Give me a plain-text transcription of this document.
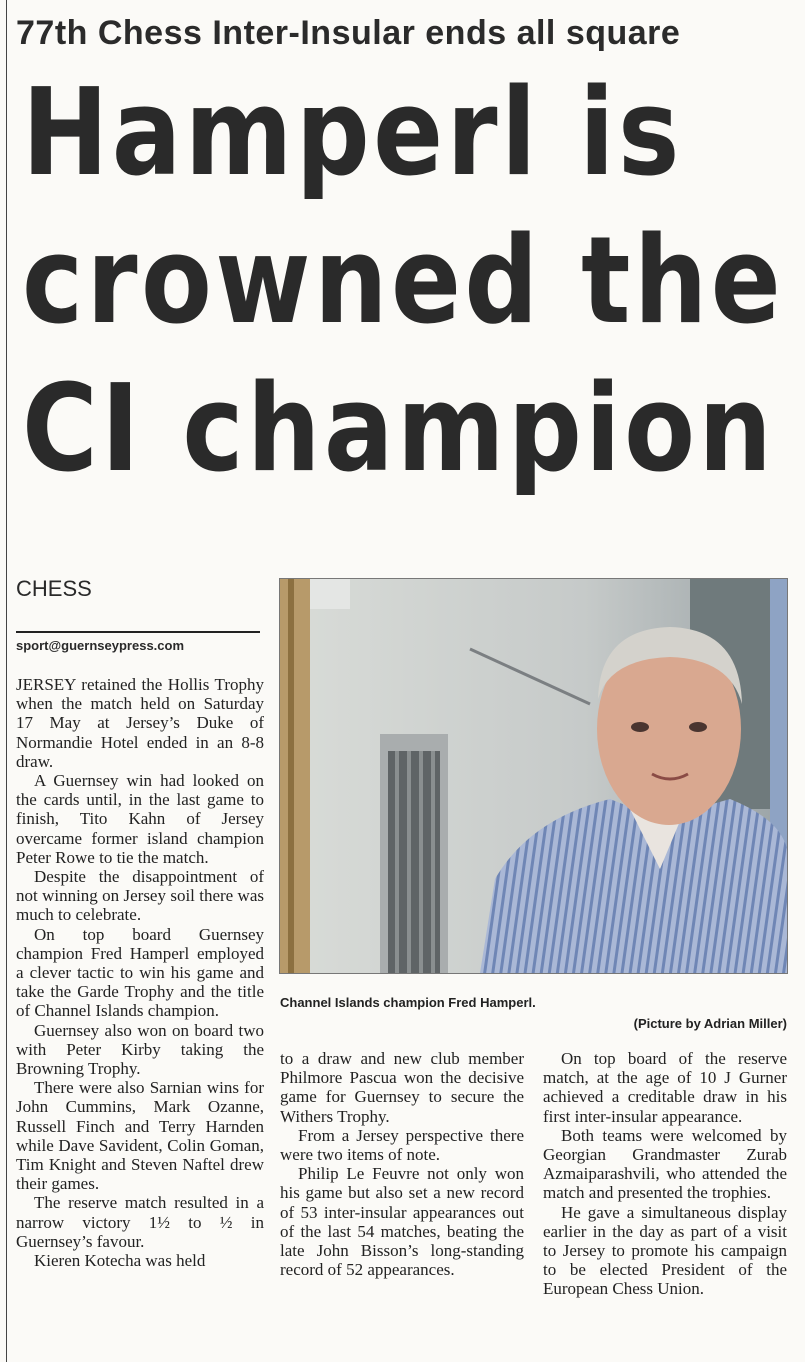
77th Chess Inter-Insular ends all square
Hamperl is
crowned the
CI champion
CHESS
sport@guernseypress.com

JERSEY retained the Hollis Trophy when the match held on Saturday 17 May at Jersey’s Duke of Normandie Hotel ended in an 8-8 draw.

A Guernsey win had looked on the cards until, in the last game to finish, Tito Kahn of Jersey overcame former island champion Peter Rowe to tie the match.

Despite the disappointment of not winning on Jersey soil there was much to celebrate.

On top board Guernsey champion Fred Hamperl employed a clever tactic to win his game and take the Garde Trophy and the title of Channel Islands champion.

Guernsey also won on board two with Peter Kirby taking the Browning Trophy.

There were also Sarnian wins for John Cummins, Mark Ozanne, Russell Finch and Terry Harnden while Dave Savident, Colin Goman, Tim Knight and Steven Naftel drew their games.

The reserve match resulted in a narrow victory 1½ to ½ in Guernsey’s favour.

Kieren Kotecha was held

Channel Islands champion Fred Hamperl.
(Picture by Adrian Miller)

to a draw and new club member Philmore Pascua won the decisive game for Guernsey to secure the Withers Trophy.

From a Jersey perspective there were two items of note.

Philip Le Feuvre not only won his game but also set a new record of 53 inter-insular appearances out of the last 54 matches, beating the late John Bisson’s long-standing record of 52 appearances.

On top board of the reserve match, at the age of 10 J Gurner achieved a creditable draw in his first inter-insular appearance.

Both teams were welcomed by Georgian Grandmaster Zurab Azmaiparashvili, who attended the match and presented the trophies.

He gave a simultaneous display earlier in the day as part of a visit to Jersey to promote his campaign to be elected President of the European Chess Union.
